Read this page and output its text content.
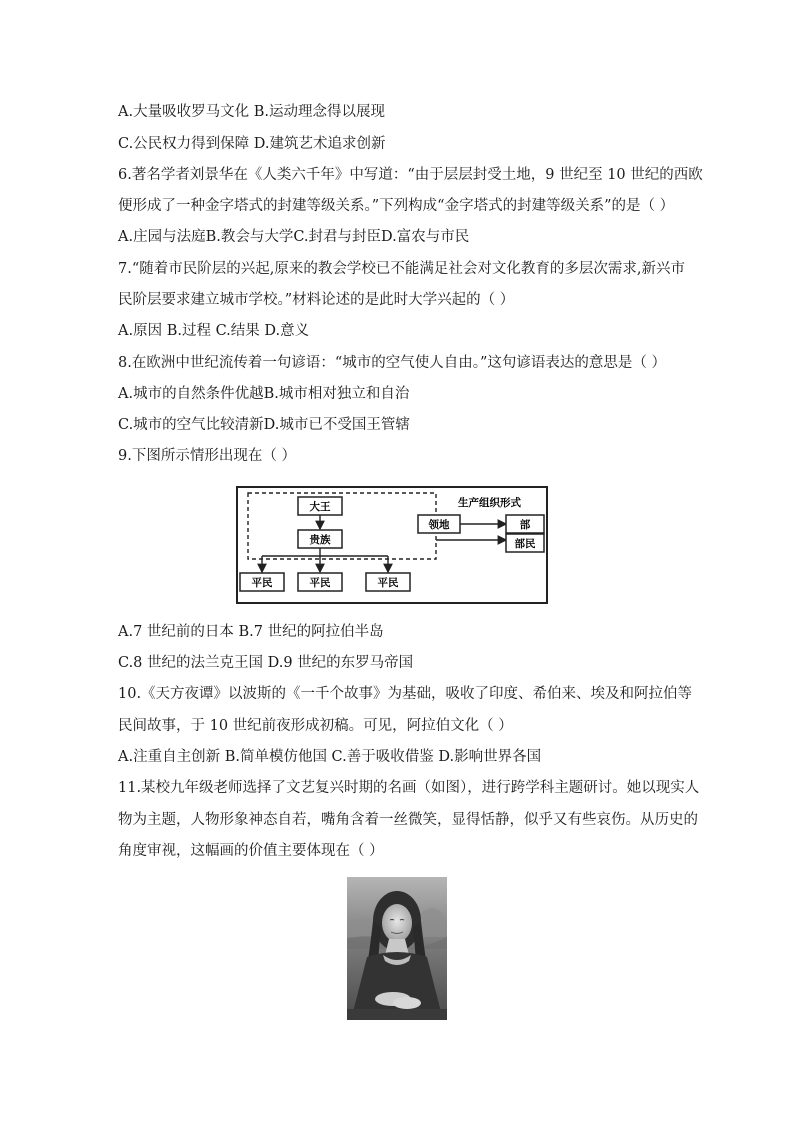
A.大量吸收罗马文化 B.运动理念得以展现
C.公民权力得到保障 D.建筑艺术追求创新
6.著名学者刘景华在《人类六千年》中写道：“由于层层封受土地，9 世纪至 10 世纪的西欧
便形成了一种金字塔式的封建等级关系。”下列构成“金字塔式的封建等级关系”的是（ ）
A.庄园与法庭B.教会与大学C.封君与封臣D.富农与市民
7.“随着市民阶层的兴起,原来的教会学校已不能满足社会对文化教育的多层次需求,新兴市
民阶层要求建立城市学校。”材料论述的是此时大学兴起的（ ）
A.原因 B.过程 C.结果 D.意义
8.在欧洲中世纪流传着一句谚语：“城市的空气使人自由。”这句谚语表达的意思是（ ）
A.城市的自然条件优越B.城市相对独立和自治
C.城市的空气比较清新D.城市已不受国王管辖
9.下图所示情形出现在（ ）
大王
贵族
平民	平民	平民
生产组织形式
领地	部
部民
A.7 世纪前的日本 B.7 世纪的阿拉伯半岛
C.8 世纪的法兰克王国 D.9 世纪的东罗马帝国
10.《天方夜谭》以波斯的《一千个故事》为基础，吸收了印度、希伯来、埃及和阿拉伯等
民间故事，于 10 世纪前夜形成初稿。可见，阿拉伯文化（ ）
A.注重自主创新 B.简单模仿他国 C.善于吸收借鉴 D.影响世界各国
11.某校九年级老师选择了文艺复兴时期的名画（如图），进行跨学科主题研讨。她以现实人
物为主题，人物形象神态自若，嘴角含着一丝微笑，显得恬静，似乎又有些哀伤。从历史的
角度审视，这幅画的价值主要体现在（ ）
